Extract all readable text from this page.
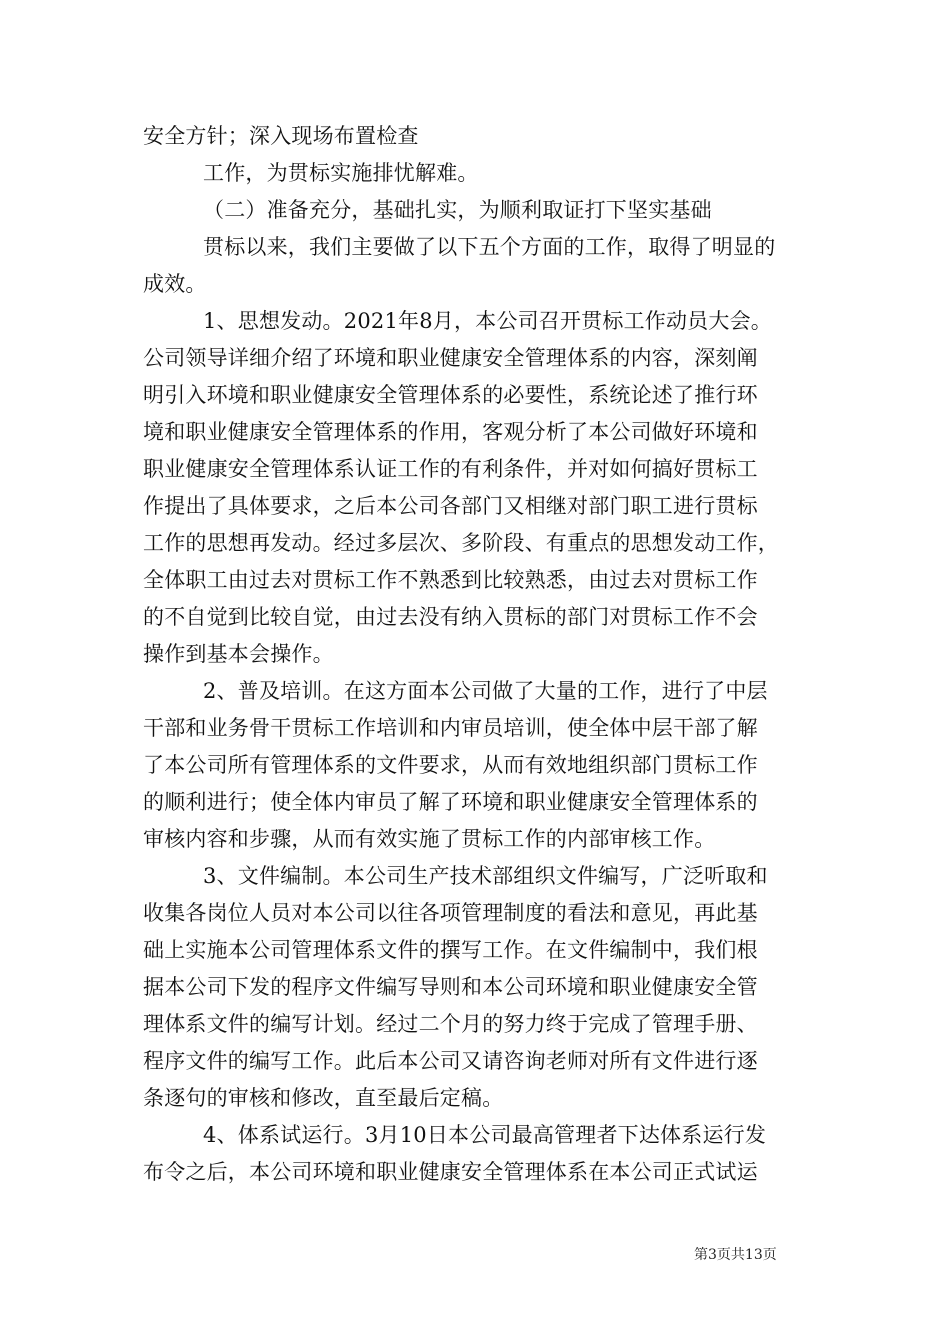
安全方针；深入现场布置检查
工作，为贯标实施排忧解难。
（二）准备充分，基础扎实，为顺利取证打下坚实基础
贯标以来，我们主要做了以下五个方面的工作，取得了明显的
成效。
1、思想发动。2021年8月，本公司召开贯标工作动员大会。
公司领导详细介绍了环境和职业健康安全管理体系的内容，深刻阐
明引入环境和职业健康安全管理体系的必要性，系统论述了推行环
境和职业健康安全管理体系的作用，客观分析了本公司做好环境和
职业健康安全管理体系认证工作的有利条件，并对如何搞好贯标工
作提出了具体要求，之后本公司各部门又相继对部门职工进行贯标
工作的思想再发动。经过多层次、多阶段、有重点的思想发动工作，
全体职工由过去对贯标工作不熟悉到比较熟悉，由过去对贯标工作
的不自觉到比较自觉，由过去没有纳入贯标的部门对贯标工作不会
操作到基本会操作。
2、普及培训。在这方面本公司做了大量的工作，进行了中层
干部和业务骨干贯标工作培训和内审员培训，使全体中层干部了解
了本公司所有管理体系的文件要求，从而有效地组织部门贯标工作
的顺利进行；使全体内审员了解了环境和职业健康安全管理体系的
审核内容和步骤，从而有效实施了贯标工作的内部审核工作。
3、文件编制。本公司生产技术部组织文件编写，广泛听取和
收集各岗位人员对本公司以往各项管理制度的看法和意见，再此基
础上实施本公司管理体系文件的撰写工作。在文件编制中，我们根
据本公司下发的程序文件编写导则和本公司环境和职业健康安全管
理体系文件的编写计划。经过二个月的努力终于完成了管理手册、
程序文件的编写工作。此后本公司又请咨询老师对所有文件进行逐
条逐句的审核和修改，直至最后定稿。
4、体系试运行。3月10日本公司最高管理者下达体系运行发
布令之后，本公司环境和职业健康安全管理体系在本公司正式试运
第3页共13页
